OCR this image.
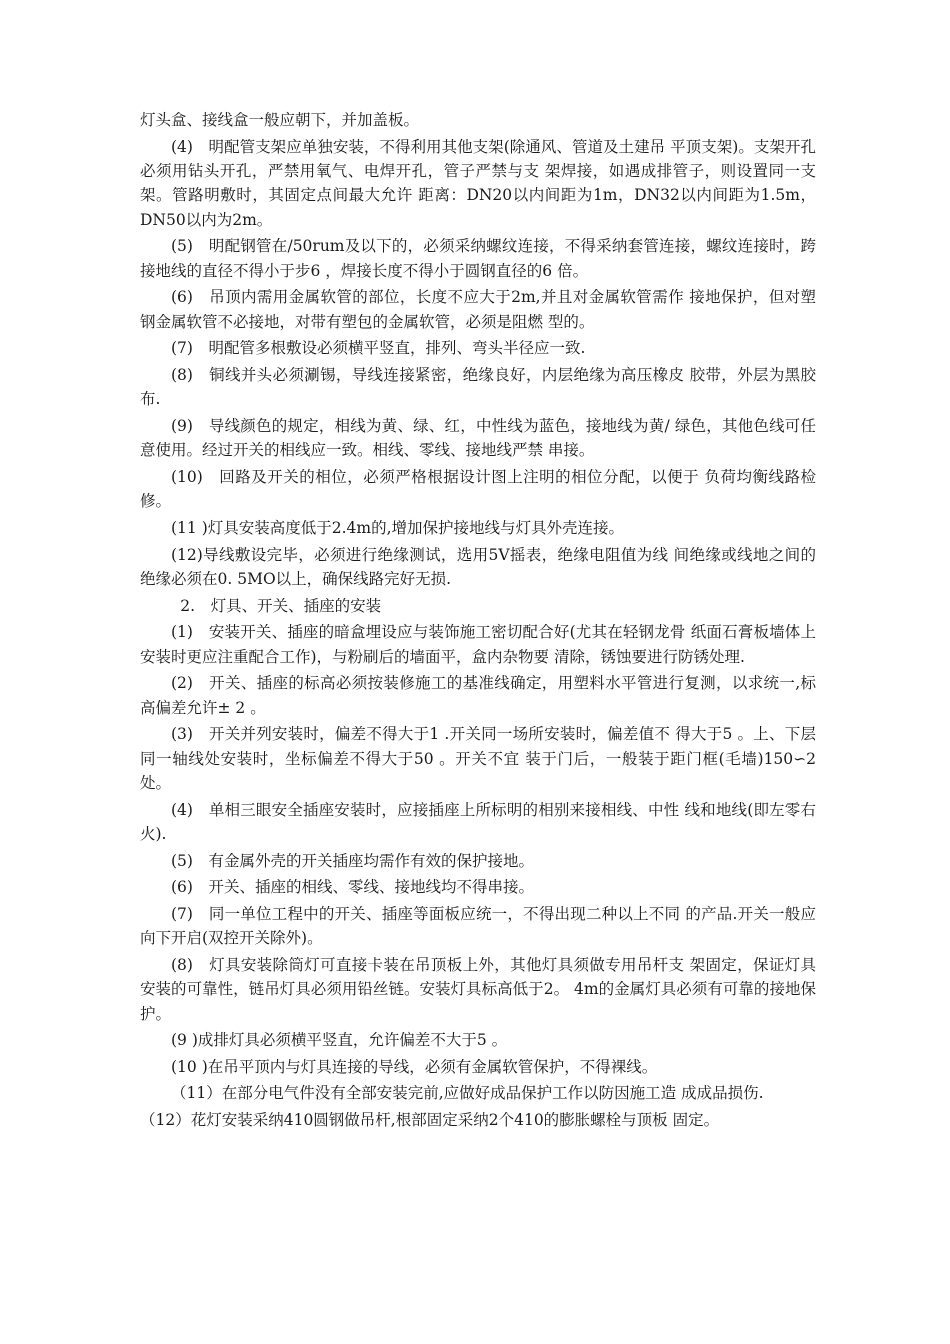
灯头盒、接线盒一般应朝下，并加盖板。

(4)　明配管支架应单独安装，不得利用其他支架(除通风、管道及土建吊 平顶支架)。支架开孔必须用钻头开孔，严禁用氧气、电焊开孔，管子严禁与支 架焊接，如遇成排管子，则设置同一支架。管路明敷时，其固定点间最大允许 距离：DN20以内间距为1m，DN32以内间距为1.5m，DN50以内为2m。

(5)　明配钢管在/50rum及以下的，必须采纳螺纹连接，不得采纳套管连接，螺纹连接时，跨接地线的直径不得小于步6 ，焊接长度不得小于圆钢直径的6 倍。

(6)　吊顶内需用金属软管的部位，长度不应大于2m,并且对金属软管需作 接地保护，但对塑钢金属软管不必接地，对带有塑包的金属软管，必须是阻燃 型的。

(7)　明配管多根敷设必须横平竖直，排列、弯头半径应一致.

(8)　铜线并头必须涮锡，导线连接紧密，绝缘良好，内层绝缘为高压橡皮 胶带，外层为黑胶布.

(9)　导线颜色的规定，相线为黄、绿、红，中性线为蓝色，接地线为黄/ 绿色，其他色线可任意使用。经过开关的相线应一致。相线、零线、接地线严禁 串接。

(10)　回路及开关的相位，必须严格根据设计图上注明的相位分配，以便于 负荷均衡线路检修。

(11 )灯具安装高度低于2.4m的,增加保护接地线与灯具外壳连接。

(12)导线敷设完毕，必须进行绝缘测试，选用5V摇表，绝缘电阻值为线 间绝缘或线地之间的绝缘必须在0. 5MO以上，确保线路完好无损.

2.　灯具、开关、插座的安装

(1)　安装开关、插座的暗盒埋设应与装饰施工密切配合好(尤其在轻钢龙骨 纸面石膏板墙体上安装时更应注重配合工作)，与粉刷后的墙面平，盒内杂物要 清除，锈蚀要进行防锈处理.

(2)　开关、插座的标高必须按装修施工的基准线确定，用塑料水平管进行复测，以求统一,标高偏差允许± 2 。

(3)　开关并列安装时，偏差不得大于1 .开关同一场所安装时，偏差值不 得大于5 。上、下层同一轴线处安装时，坐标偏差不得大于50 。开关不宜 装于门后，一般装于距门框(毛墙)150∽2 处。

(4)　单相三眼安全插座安装时，应接插座上所标明的相别来接相线、中性 线和地线(即左零右火).

(5)　有金属外壳的开关插座均需作有效的保护接地。

(6)　开关、插座的相线、零线、接地线均不得串接。

(7)　同一单位工程中的开关、插座等面板应统一，不得出现二种以上不同 的产品.开关一般应向下开启(双控开关除外)。

(8)　灯具安装除筒灯可直接卡装在吊顶板上外，其他灯具须做专用吊杆支 架固定，保证灯具安装的可靠性，链吊灯具必须用铅丝链。安装灯具标高低于2。 4m的金属灯具必须有可靠的接地保护。

(9 )成排灯具必须横平竖直，允许偏差不大于5 。

(10 )在吊平顶内与灯具连接的导线，必须有金属软管保护，不得裸线。

（11）在部分电气件没有全部安装完前,应做好成品保护工作以防因施工造 成成品损伤.

（12）花灯安装采纳410圆钢做吊杆,根部固定采纳2个410的膨胀螺栓与顶板 固定。
